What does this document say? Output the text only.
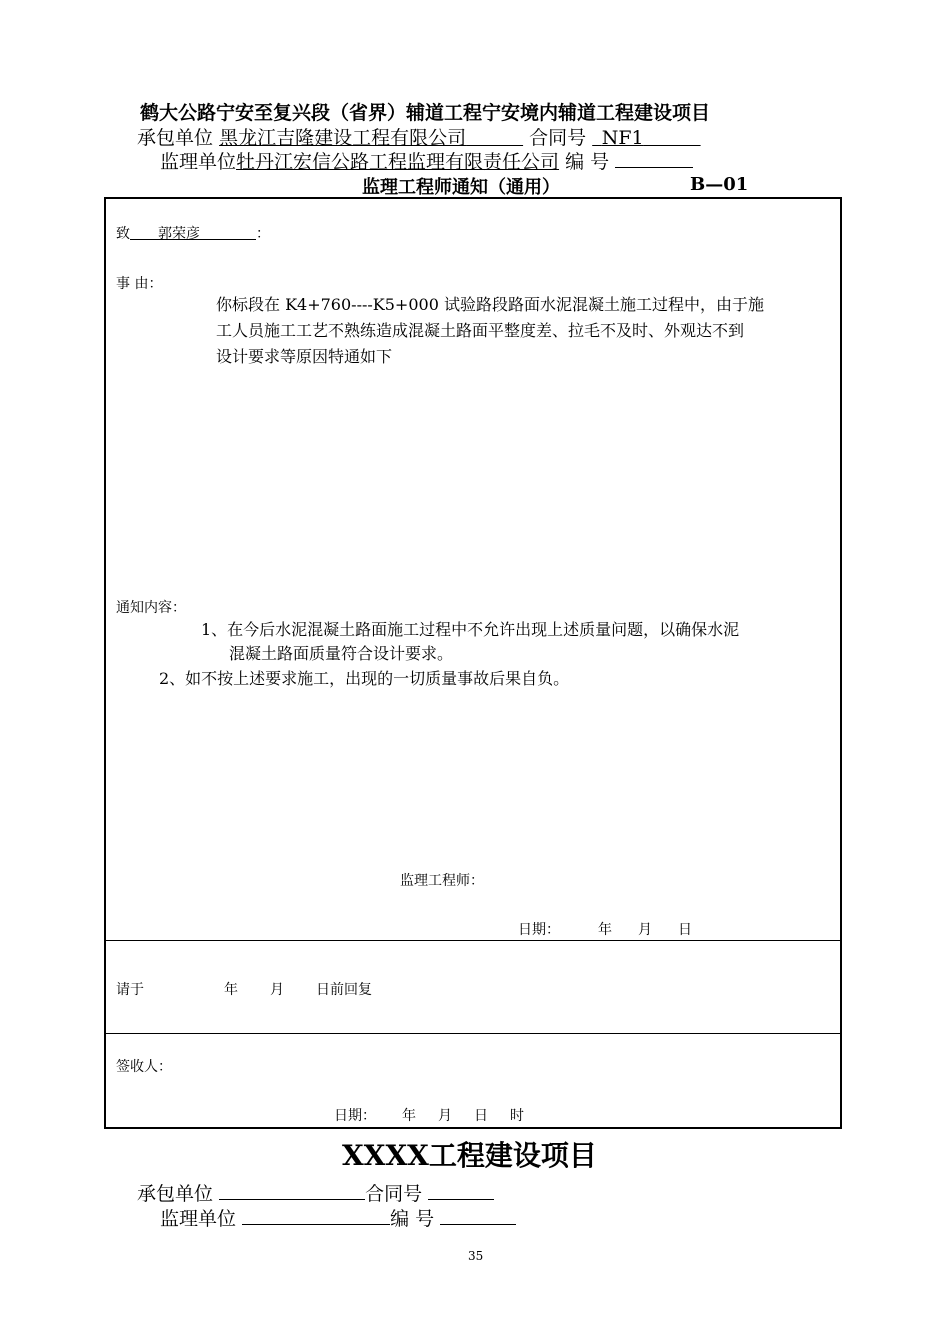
鹤大公路宁安至复兴段（省界）辅道工程宁安境内辅道工程建设项目
承包单位 黑龙江吉隆建设工程有限公司   	合同号   NF1   
监理单位牡丹江宏信公路工程监理有限责任公司 编 号
监理工程师通知（通用）	B—01
致   郭荣彦    	：
事 由：
你标段在 K4+760----K5+000 试验路段路面水泥混凝土施工过程中，由于施
工人员施工工艺不熟练造成混凝土路面平整度差、拉毛不及时、外观达不到
设计要求等原因特通如下
通知内容：
1、在今后水泥混凝土路面施工过程中不允许出现上述质量问题，以确保水泥
混凝土路面质量符合设计要求。
2、如不按上述要求施工，出现的一切质量事故后果自负。
监理工程师：
日期：	年 月 日
请于	年 月 日前回复
签收人：
日期： 年 月 日 时
XXXX工程建设项目
承包单位	合同号
监理单位	编 号
35
